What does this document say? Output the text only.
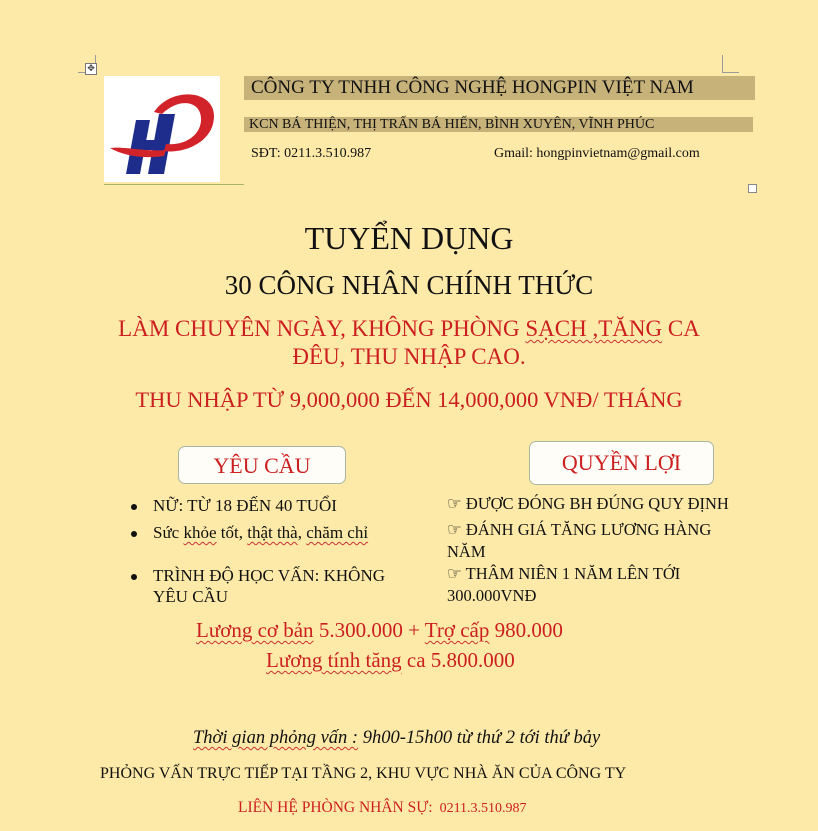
✥
CÔNG TY TNHH CÔNG NGHỆ HONGPIN VIỆT NAM
KCN BÁ THIỆN, THỊ TRẤN BÁ HIẾN, BÌNH XUYÊN, VĨNH PHÚC
SĐT: 0211.3.510.987	Gmail: hongpinvietnam@gmail.com
TUYỂN DỤNG
30 CÔNG NHÂN CHÍNH THỨC
LÀM CHUYÊN NGÀY, KHÔNG PHÒNG SẠCH ,TĂNG CA
ĐÊU, THU NHẬP CAO.
THU NHẬP TỪ 9,000,000 ĐẾN 14,000,000 VNĐ/ THÁNG
YÊU CẦU	QUYỀN LỢI
NỮ: TỪ 18 ĐẾN 40 TUỔI
Sức khỏe tốt, thật thà, chăm chỉ
TRÌNH ĐỘ HỌC VẤN: KHÔNG
YÊU CẦU
☞ ĐƯỢC ĐÓNG BH ĐÚNG QUY ĐỊNH
☞ ĐÁNH GIÁ TĂNG LƯƠNG HÀNG
NĂM
☞ THÂM NIÊN 1 NĂM LÊN TỚI
300.000VNĐ
Lương cơ bản 5.300.000 + Trợ cấp 980.000
Lương tính tăng ca 5.800.000
Thời gian phỏng vấn : 9h00-15h00 từ thứ 2 tới thứ bảy
PHỎNG VẤN TRỰC TIẾP TẠI TẦNG 2, KHU VỰC NHÀ ĂN CỦA CÔNG TY
LIÊN HỆ PHÒNG NHÂN SỰ: 0211.3.510.987
